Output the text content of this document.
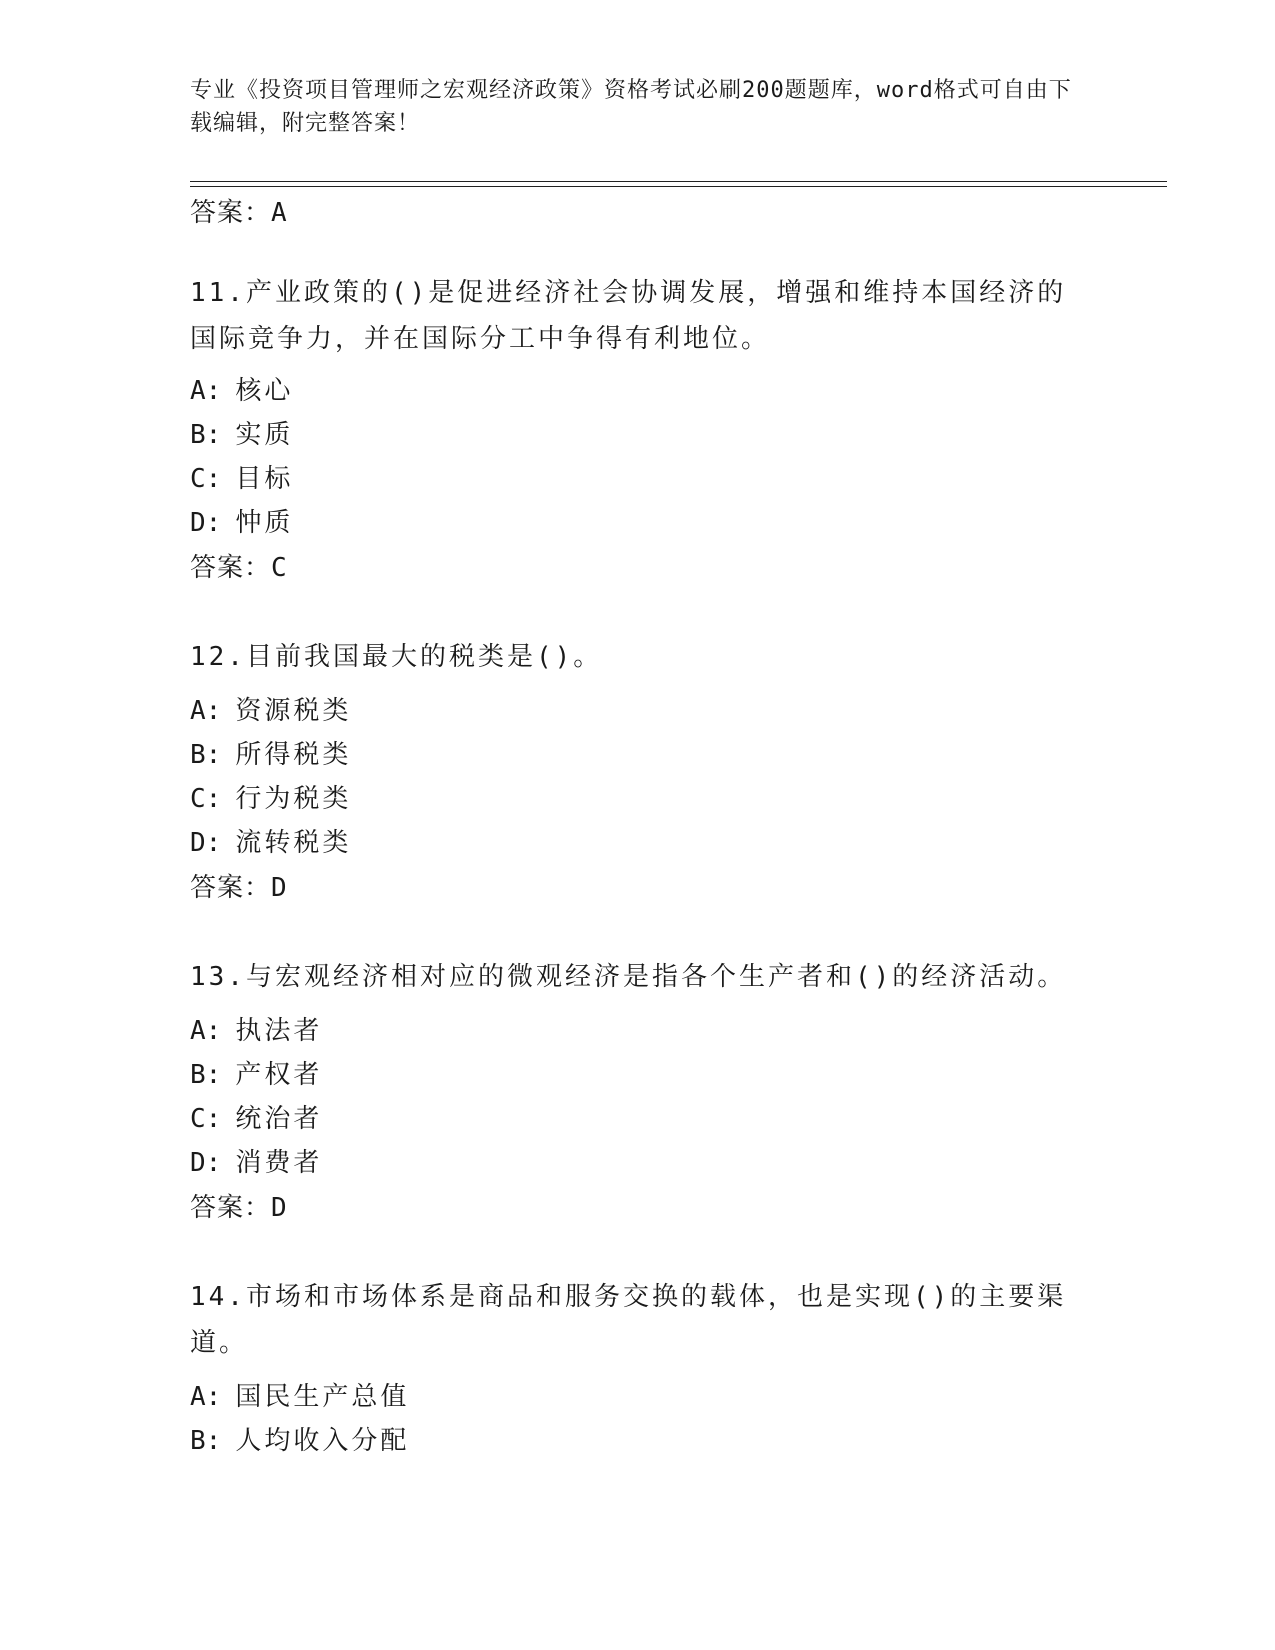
专业《投资项目管理师之宏观经济政策》资格考试必刷200题题库，word格式可自由下载编辑，附完整答案！
答案：A
11.产业政策的()是促进经济社会协调发展，增强和维持本国经济的国际竞争力，并在国际分工中争得有利地位。
A: 核心
B: 实质
C: 目标
D: 忡质
答案：C
12.目前我国最大的税类是()。
A: 资源税类
B: 所得税类
C: 行为税类
D: 流转税类
答案：D
13.与宏观经济相对应的微观经济是指各个生产者和()的经济活动。
A: 执法者
B: 产权者
C: 统治者
D: 消费者
答案：D
14.市场和市场体系是商品和服务交换的载体，也是实现()的主要渠道。
A: 国民生产总值
B: 人均收入分配
